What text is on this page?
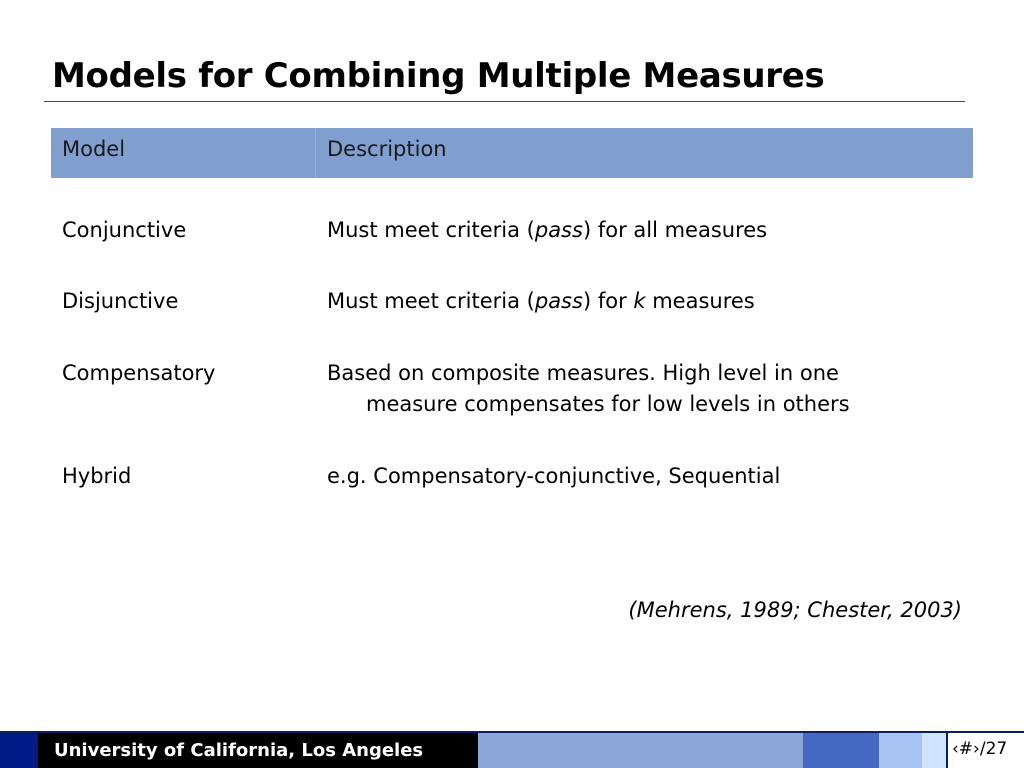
Models for Combining Multiple Measures
Model	Description
Conjunctive	Must meet criteria (pass) for all measures
Disjunctive	Must meet criteria (pass) for k measures
Compensatory	Based on composite measures. High level in one
measure compensates for low levels in others
Hybrid	e.g. Compensatory-conjunctive, Sequential
(Mehrens, 1989; Chester, 2003)
University of California, Los Angeles	‹#›/27
